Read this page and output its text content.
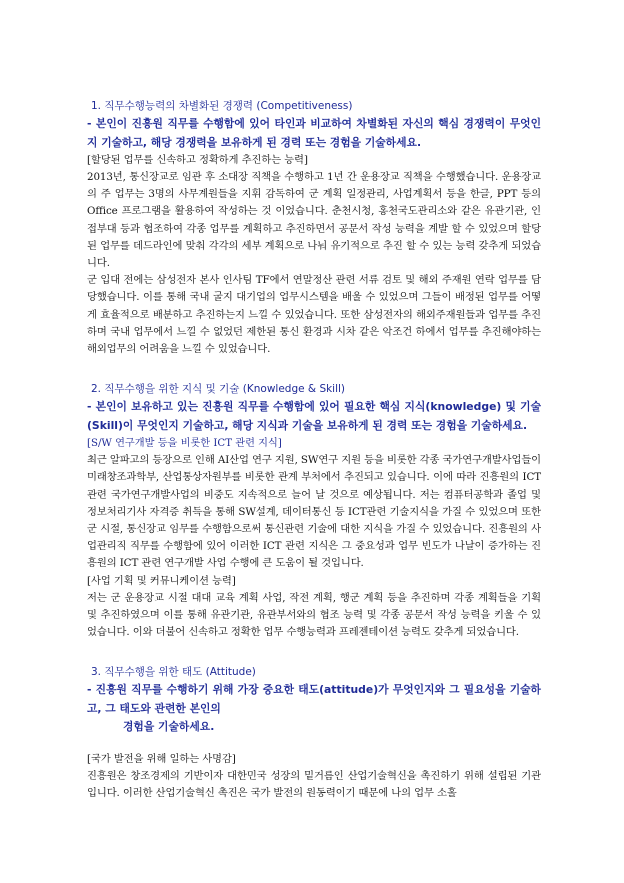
1. 직무수행능력의 차별화된 경쟁력 (Competitiveness)

- 본인이 진흥원 직무를 수행함에 있어 타인과 비교하여 차별화된 자신의 핵심 경쟁력이 무엇인지 기술하고, 해당 경쟁력을 보유하게 된 경력 또는 경험을 기술하세요.

[할당된 업무를 신속하고 정확하게 추진하는 능력]

2013년, 통신장교로 임관 후 소대장 직책을 수행하고 1년 간 운용장교 직책을 수행했습니다. 운용장교의 주 업무는 3명의 사무계원들을 지휘 감독하여 군 계획 일정관리, 사업계획서 등을 한글, PPT 등의 Office 프로그램을 활용하여 작성하는 것 이었습니다. 춘천시청, 홍천국도관리소와 같은 유관기관, 인접부대 등과 협조하여 각종 업무를 계획하고 추진하면서 공문서 작성 능력을 계발 할 수 있었으며 할당 된 업무를 데드라인에 맞춰 각각의 세부 계획으로 나눠 유기적으로 추진 할 수 있는 능력 갖추게 되었습니다.

군 입대 전에는 삼성전자 본사 인사팀 TF에서 연말정산 관련 서류 검토 및 해외 주재원 연락 업무를 담당했습니다. 이를 통해 국내 굴지 대기업의 업무시스템을 배울 수 있었으며 그들이 배정된 업무를 어떻게 효율적으로 배분하고 추진하는지 느낄 수 있었습니다. 또한 삼성전자의 해외주재원들과 업무를 추진하며 국내 업무에서 느낄 수 없었던 제한된 통신 환경과 시차 같은 악조건 하에서 업무를 추진해야하는 해외업무의 어려움을 느낄 수 있었습니다.

2. 직무수행을 위한 지식 및 기술 (Knowledge & Skill)

- 본인이 보유하고 있는 진흥원 직무를 수행함에 있어 필요한 핵심 지식(knowledge) 및 기술(Skill)이 무엇인지 기술하고, 해당 지식과 기술을 보유하게 된 경력 또는 경험을 기술하세요.

[S/W 연구개발 등을 비롯한 ICT 관련 지식]

최근 알파고의 등장으로 인해 AI산업 연구 지원, SW연구 지원 등을 비롯한 각종 국가연구개발사업들이 미래창조과학부, 산업통상자원부를 비롯한 관계 부처에서 추진되고 있습니다. 이에 따라 진흥원의 ICT 관련 국가연구개발사업의 비중도 지속적으로 늘어 날 것으로 예상됩니다. 저는 컴퓨터공학과 졸업 및 정보처리기사 자격증 취득을 통해 SW설계, 데이터통신 등 ICT관련 기술지식을 가질 수 있었으며 또한 군 시절, 통신장교 임무를 수행함으로써 통신관련 기술에 대한 지식을 가질 수 있었습니다. 진흥원의 사업관리직 직무를 수행함에 있어 이러한 ICT 관련 지식은 그 중요성과 업무 빈도가 나날이 증가하는 진흥원의 ICT 관련 연구개발 사업 수행에 큰 도움이 될 것입니다.

[사업 기획 및 커뮤니케이션 능력]

저는 군 운용장교 시절 대대 교육 계획 사업, 작전 계획, 행군 계획 등을 추진하며 각종 계획들을 기획 및 추진하였으며 이를 통해 유관기관, 유관부서와의 협조 능력 및 각종 공문서 작성 능력을 키울 수 있었습니다. 이와 더불어 신속하고 정확한 업무 수행능력과 프레젠테이션 능력도 갖추게 되었습니다.

3. 직무수행을 위한 태도 (Attitude)

- 진흥원 직무를 수행하기 위해 가장 중요한 태도(attitude)가 무엇인지와 그 필요성을 기술하고, 그 태도와 관련한 본인의

경험을 기술하세요.

[국가 발전을 위해 일하는 사명감]

진흥원은 창조경제의 기반이자 대한민국 성장의 밑거름인 산업기술혁신을 촉진하기 위해 설립된 기관입니다. 이러한 산업기술혁신 촉진은 국가 발전의 원동력이기 때문에 나의 업무 소홀
